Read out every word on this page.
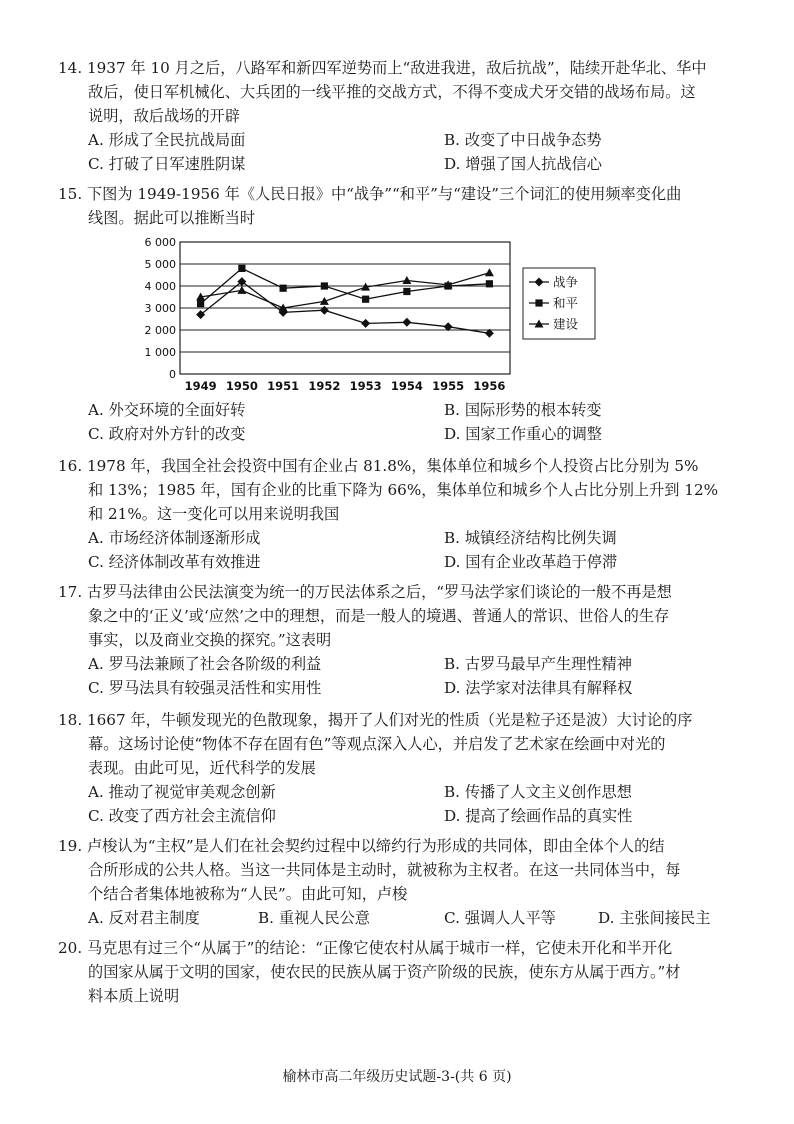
14. 1937 年 10 月之后，八路军和新四军逆势而上“敌进我进，敌后抗战”，陆续开赴华北、华中
敌后，使日军机械化、大兵团的一线平推的交战方式，不得不变成犬牙交错的战场布局。这
说明，敌后战场的开辟
A. 形成了全民抗战局面	B. 改变了中日战争态势
C. 打破了日军速胜阴谋	D. 增强了国人抗战信心
15. 下图为 1949-1956 年《人民日报》中“战争”“和平”与“建设”三个词汇的使用频率变化曲
线图。据此可以推断当时
0
1 000
2 000
3 000
4 000
5 000
6 000
1949 1950 1951 1952 1953 1954 1955 1956
战争
和平
建设
A. 外交环境的全面好转	B. 国际形势的根本转变
C. 政府对外方针的改变	D. 国家工作重心的调整
16. 1978 年，我国全社会投资中国有企业占 81.8%，集体单位和城乡个人投资占比分别为 5%
和 13%；1985 年，国有企业的比重下降为 66%，集体单位和城乡个人占比分别上升到 12%
和 21%。这一变化可以用来说明我国
A. 市场经济体制逐渐形成	B. 城镇经济结构比例失调
C. 经济体制改革有效推进	D. 国有企业改革趋于停滞
17. 古罗马法律由公民法演变为统一的万民法体系之后，“罗马法学家们谈论的一般不再是想
象之中的‘正义’或‘应然’之中的理想，而是一般人的境遇、普通人的常识、世俗人的生存
事实，以及商业交换的探究。”这表明
A. 罗马法兼顾了社会各阶级的利益	B. 古罗马最早产生理性精神
C. 罗马法具有较强灵活性和实用性	D. 法学家对法律具有解释权
18. 1667 年，牛顿发现光的色散现象，揭开了人们对光的性质（光是粒子还是波）大讨论的序
幕。这场讨论使“物体不存在固有色”等观点深入人心，并启发了艺术家在绘画中对光的
表现。由此可见，近代科学的发展
A. 推动了视觉审美观念创新	B. 传播了人文主义创作思想
C. 改变了西方社会主流信仰	D. 提高了绘画作品的真实性
19. 卢梭认为“主权”是人们在社会契约过程中以缔约行为形成的共同体，即由全体个人的结
合所形成的公共人格。当这一共同体是主动时，就被称为主权者。在这一共同体当中，每
个结合者集体地被称为“人民”。由此可知，卢梭
A. 反对君主制度	B. 重视人民公意	C. 强调人人平等	D. 主张间接民主
20. 马克思有过三个“从属于”的结论：“正像它使农村从属于城市一样，它使未开化和半开化
的国家从属于文明的国家，使农民的民族从属于资产阶级的民族，使东方从属于西方。”材
料本质上说明
榆林市高二年级历史试题-3-(共 6 页)
